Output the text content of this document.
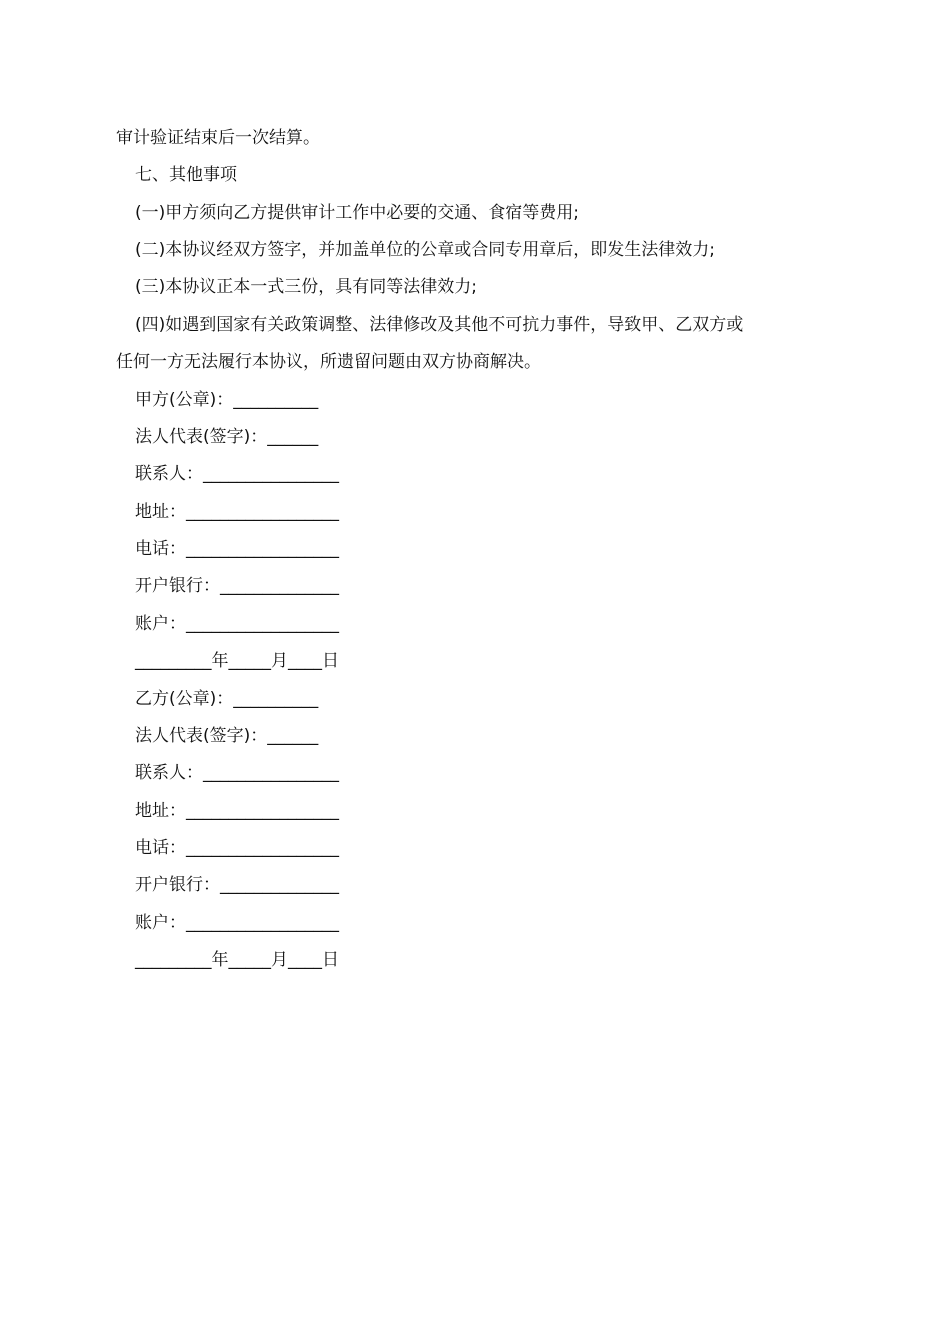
审计验证结束后一次结算。
七、其他事项
(一)甲方须向乙方提供审计工作中必要的交通、食宿等费用;
(二)本协议经双方签字，并加盖单位的公章或合同专用章后，即发生法律效力;
(三)本协议正本一式三份，具有同等法律效力;
(四)如遇到国家有关政策调整、法律修改及其他不可抗力事件，导致甲、乙双方或
任何一方无法履行本协议，所遗留问题由双方协商解决。
甲方(公章)：__________
法人代表(签字)：______
联系人：________________
地址：__________________
电话：__________________
开户银行：______________
账户：__________________
_________年_____月____日
乙方(公章)：__________
法人代表(签字)：______
联系人：________________
地址：__________________
电话：__________________
开户银行：______________
账户：__________________
_________年_____月____日
